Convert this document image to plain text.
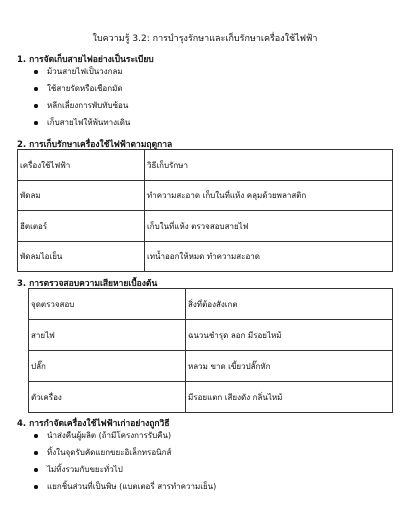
ใบความรู้ 3.2: การบำรุงรักษาและเก็บรักษาเครื่องใช้ไฟฟ้า
1. การจัดเก็บสายไฟอย่างเป็นระเบียบ
ม้วนสายไฟเป็นวงกลม
ใช้สายรัดหรือเชือกมัด
หลีกเลี่ยงการพับทับซ้อน
เก็บสายไฟให้พ้นทางเดิน
2. การเก็บรักษาเครื่องใช้ไฟฟ้าตามฤดูกาล
เครื่องใช้ไฟฟ้า	วิธีเก็บรักษา
พัดลม	ทำความสะอาด เก็บในที่แห้ง คลุมด้วยพลาสติก
ฮีตเตอร์	เก็บในที่แห้ง ตรวจสอบสายไฟ
พัดลมไอเย็น	เทน้ำออกให้หมด ทำความสะอาด
3. การตรวจสอบความเสียหายเบื้องต้น
จุดตรวจสอบ	สิ่งที่ต้องสังเกต
สายไฟ	ฉนวนชำรุด ลอก มีรอยไหม้
ปลั๊ก	หลวม ขาด เขี้ยวปลั๊กหัก
ตัวเครื่อง	มีรอยแตก เสียงดัง กลิ่นไหม้
4. การกำจัดเครื่องใช้ไฟฟ้าเก่าอย่างถูกวิธี
นำส่งคืนผู้ผลิต (ถ้ามีโครงการรับคืน)
ทิ้งในจุดรับคัดแยกขยะอิเล็กทรอนิกส์
ไม่ทิ้งรวมกับขยะทั่วไป
แยกชิ้นส่วนที่เป็นพิษ (แบตเตอรี่ สารทำความเย็น)
